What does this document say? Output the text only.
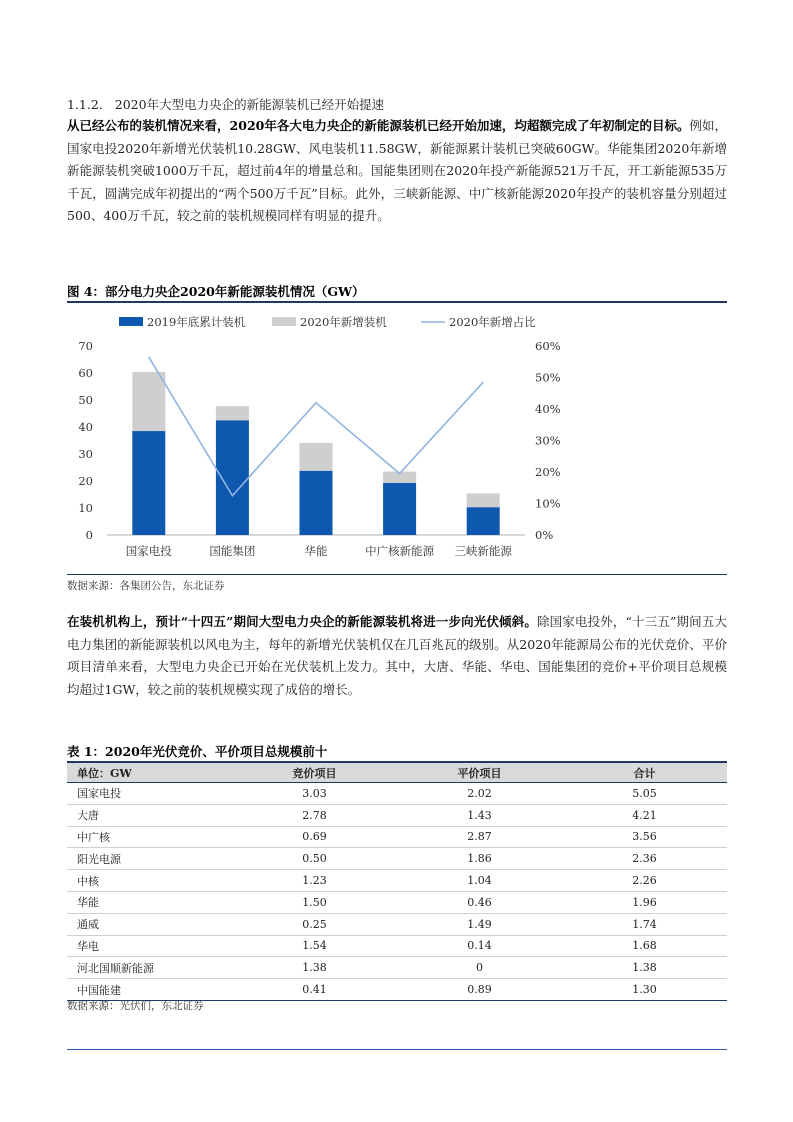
1.1.2. 2020年大型电力央企的新能源装机已经开始提速
从已经公布的装机情况来看，2020年各大电力央企的新能源装机已经开始加速，均超额完成了年初制定的目标。例如，国家电投2020年新增光伏装机10.28GW、风电装机11.58GW，新能源累计装机已突破60GW。华能集团2020年新增新能源装机突破1000万千瓦，超过前4年的增量总和。国能集团则在2020年投产新能源521万千瓦，开工新能源535万千瓦，圆满完成年初提出的“两个500万千瓦”目标。此外，三峡新能源、中广核新能源2020年投产的装机容量分别超过500、400万千瓦，较之前的装机规模同样有明显的提升。
图 4：部分电力央企2020年新能源装机情况（GW）
0
10
20
30
40
50
60
70
0%
10%
20%
30%
40%
50%
60%
国家电投	国能集团	华能	中广核新能源 三峡新能源
2019年底累计装机	2020年新增装机	2020年新增占比
数据来源：各集团公告，东北证券
在装机机构上，预计“十四五”期间大型电力央企的新能源装机将进一步向光伏倾斜。除国家电投外，“十三五”期间五大电力集团的新能源装机以风电为主，每年的新增光伏装机仅在几百兆瓦的级别。从2020年能源局公布的光伏竞价、平价项目清单来看，大型电力央企已开始在光伏装机上发力。其中，大唐、华能、华电、国能集团的竞价+平价项目总规模均超过1GW，较之前的装机规模实现了成倍的增长。
表 1：2020年光伏竞价、平价项目总规模前十
单位：GW	竞价项目	平价项目	合计
国家电投	3.03	2.02	5.05
大唐	2.78	1.43	4.21
中广核	0.69	2.87	3.56
阳光电源	0.50	1.86	2.36
中核	1.23	1.04	2.26
华能	1.50	0.46	1.96
通威	0.25	1.49	1.74
华电	1.54	0.14	1.68
河北国顺新能源	1.38	0	1.38
中国能建	0.41	0.89	1.30
数据来源：光伏们，东北证券
